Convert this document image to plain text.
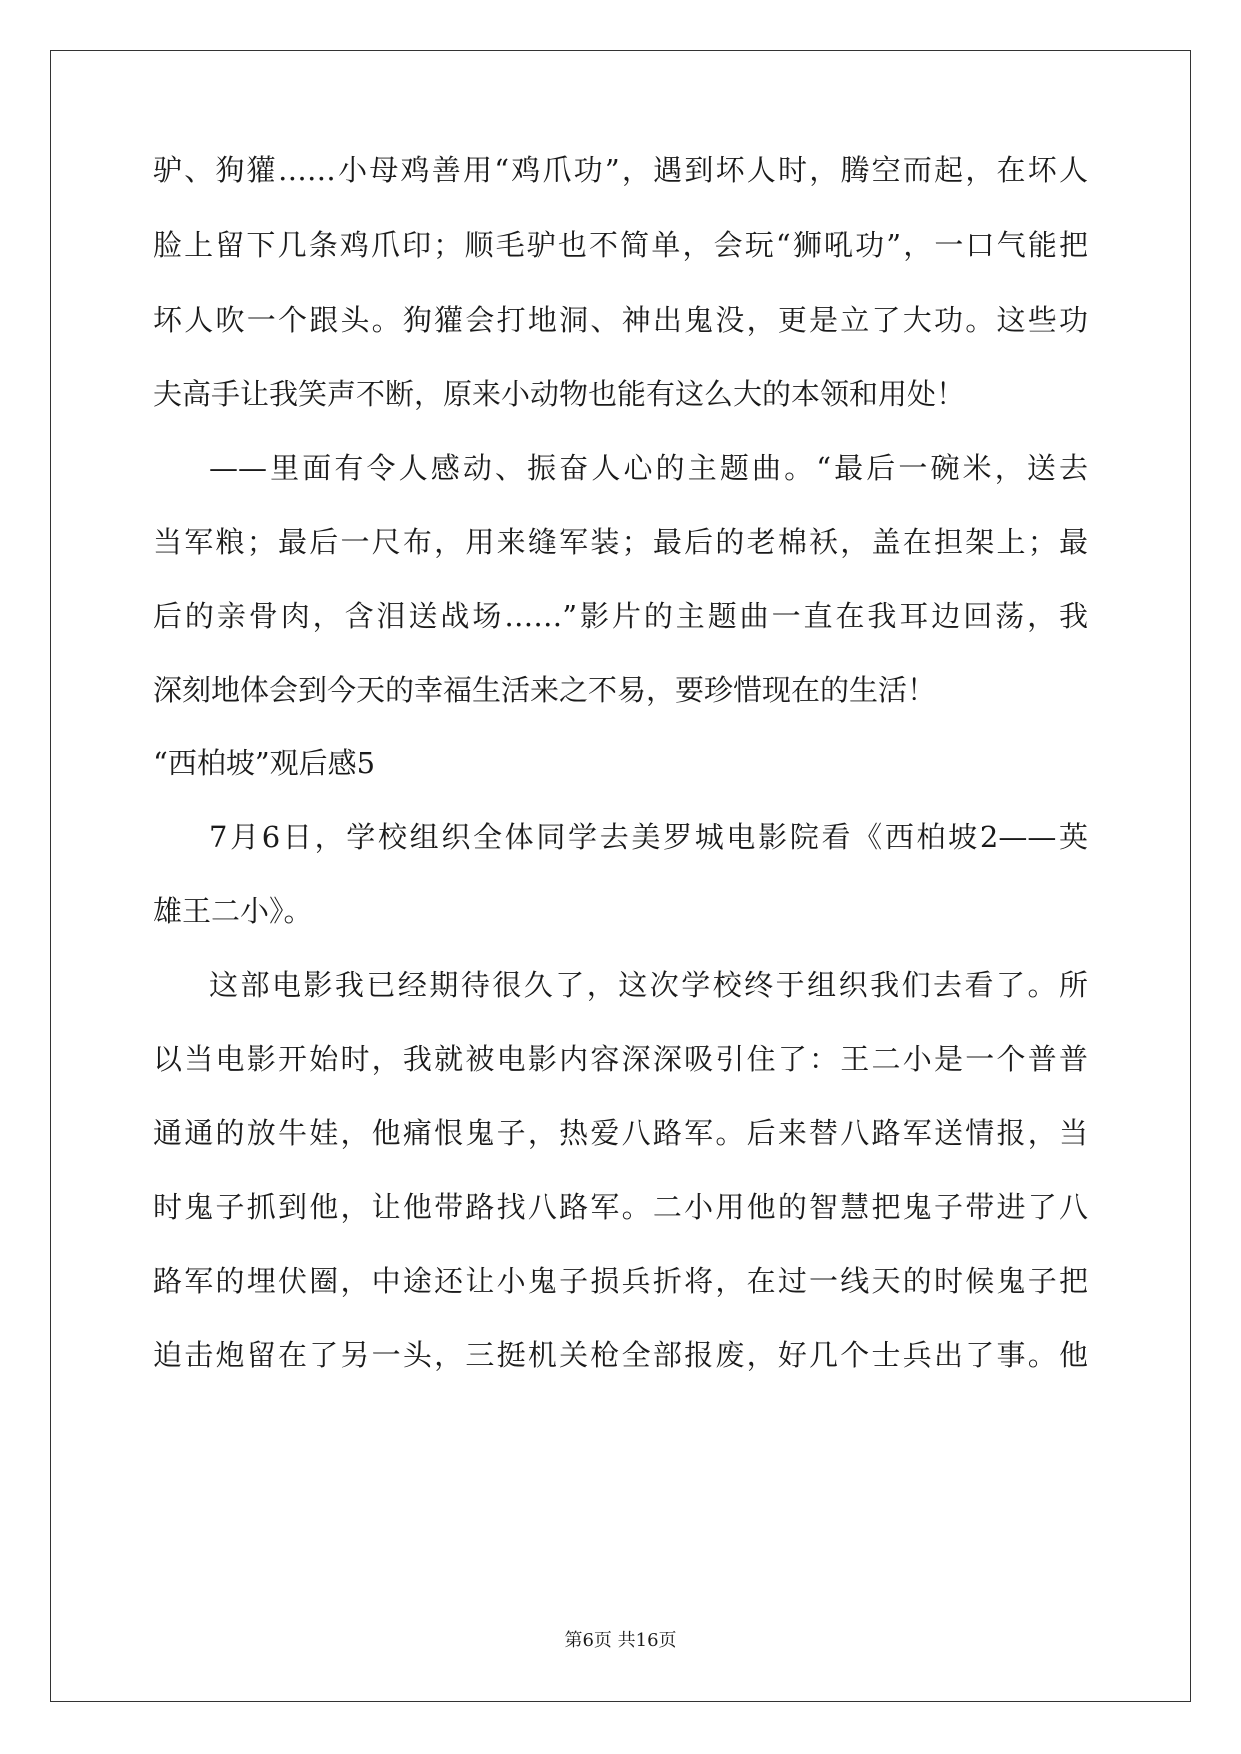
驴、狗獾……小母鸡善用“鸡爪功”，遇到坏人时，腾空而起，在坏人
脸上留下几条鸡爪印；顺毛驴也不简单，会玩“狮吼功”，一口气能把
坏人吹一个跟头。狗獾会打地洞、神出鬼没，更是立了大功。这些功
夫高手让我笑声不断，原来小动物也能有这么大的本领和用处！
——里面有令人感动、振奋人心的主题曲。“最后一碗米，送去
当军粮；最后一尺布，用来缝军装；最后的老棉袄，盖在担架上；最
后的亲骨肉，含泪送战场……”影片的主题曲一直在我耳边回荡，我
深刻地体会到今天的幸福生活来之不易，要珍惜现在的生活！
“西柏坡”观后感5
7月6日，学校组织全体同学去美罗城电影院看《西柏坡2——英
雄王二小》。
这部电影我已经期待很久了，这次学校终于组织我们去看了。所
以当电影开始时，我就被电影内容深深吸引住了：王二小是一个普普
通通的放牛娃，他痛恨鬼子，热爱八路军。后来替八路军送情报，当
时鬼子抓到他，让他带路找八路军。二小用他的智慧把鬼子带进了八
路军的埋伏圈，中途还让小鬼子损兵折将，在过一线天的时候鬼子把
迫击炮留在了另一头，三挺机关枪全部报废，好几个士兵出了事。他
第6页 共16页
